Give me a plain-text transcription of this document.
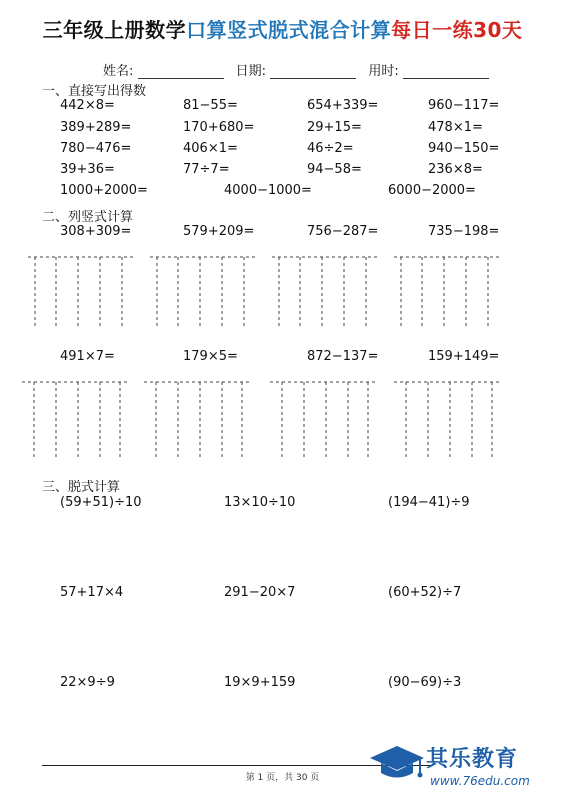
三年级上册数学口算竖式脱式混合计算每日一练30天
姓名:	日期:	用时:
一、直接写出得数
442×8=	81−55=	654+339=	960−117=
389+289=	170+680=	29+15=	478×1=
780−476=	406×1=	46÷2=	940−150=
39+36=	77÷7=	94−58=	236×8=
1000+2000=	4000−1000=	6000−2000=
二、列竖式计算
308+309=	579+209=	756−287=	735−198=
491×7=	179×5=	872−137=	159+149=
三、脱式计算
(59+51)÷10	13×10÷10	(194−41)÷9
57+17×4	291−20×7	(60+52)÷7
22×9÷9	19×9+159	(90−69)÷3
第 1 页，共 30 页
其乐教育
www.76edu.com
